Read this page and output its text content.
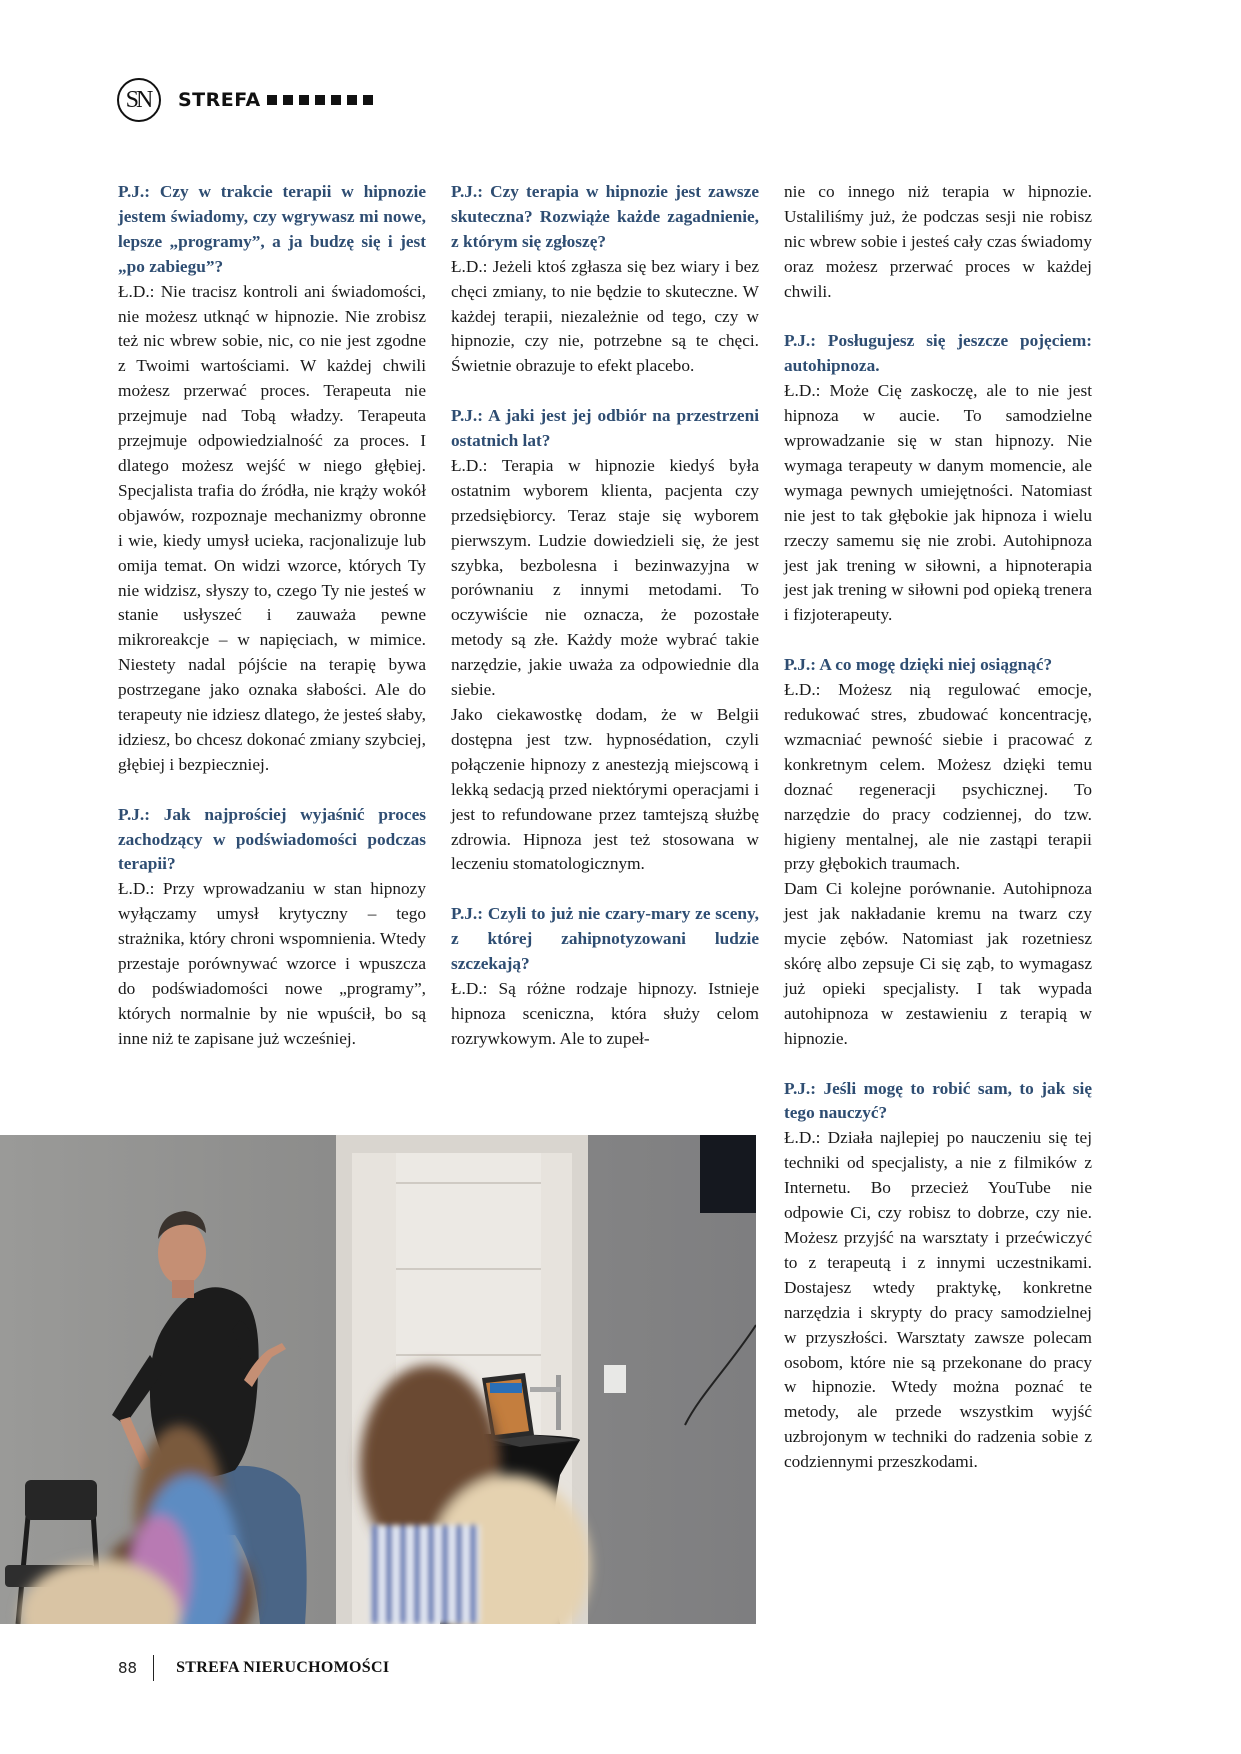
SN STREFA

P.J.: Czy w trakcie terapii w hipnozie jestem świadomy, czy wgrywasz mi nowe, lepsze „programy”, a ja budzę się i jest „po zabiegu”?

Ł.D.: Nie tracisz kontroli ani świadomości, nie możesz utknąć w hipnozie. Nie zrobisz też nic wbrew sobie, nic, co nie jest zgodne z Twoimi wartościami. W każdej chwili możesz przerwać proces. Terapeuta nie przejmuje nad Tobą władzy. Terapeuta przejmuje odpowiedzialność za proces. I dlatego możesz wejść w niego głębiej. Specjalista trafia do źródła, nie krąży wokół objawów, rozpoznaje mechanizmy obronne i wie, kiedy umysł ucieka, racjonalizuje lub omija temat. On widzi wzorce, których Ty nie widzisz, słyszy to, czego Ty nie jesteś w stanie usłyszeć i zauważa pewne mikroreakcje – w napięciach, w mimice. Niestety nadal pójście na terapię bywa postrzegane jako oznaka słabości. Ale do terapeuty nie idziesz dlatego, że jesteś słaby, idziesz, bo chcesz dokonać zmiany szybciej, głębiej i bezpieczniej.

P.J.: Jak najprościej wyjaśnić proces zachodzący w podświadomości podczas terapii?

Ł.D.: Przy wprowadzaniu w stan hipnozy wyłączamy umysł krytyczny – tego strażnika, który chroni wspomnienia. Wtedy przestaje porównywać wzorce i wpuszcza do podświadomości nowe „programy”, których normalnie by nie wpuścił, bo są inne niż te zapisane już wcześniej.

P.J.: Czy terapia w hipnozie jest zawsze skuteczna? Rozwiąże każde zagadnienie, z którym się zgłoszę?

Ł.D.: Jeżeli ktoś zgłasza się bez wiary i bez chęci zmiany, to nie będzie to skuteczne. W każdej terapii, niezależnie od tego, czy w hipnozie, czy nie, potrzebne są te chęci. Świetnie obrazuje to efekt placebo.

P.J.: A jaki jest jej odbiór na przestrzeni ostatnich lat?

Ł.D.: Terapia w hipnozie kiedyś była ostatnim wyborem klienta, pacjenta czy przedsiębiorcy. Teraz staje się wyborem pierwszym. Ludzie dowiedzieli się, że jest szybka, bezbolesna i bezinwazyjna w porównaniu z innymi metodami. To oczywiście nie oznacza, że pozostałe metody są złe. Każdy może wybrać takie narzędzie, jakie uważa za odpowiednie dla siebie.

Jako ciekawostkę dodam, że w Belgii dostępna jest tzw. hypnosédation, czyli połączenie hipnozy z anestezją miejscową i lekką sedacją przed niektórymi operacjami i jest to refundowane przez tamtejszą służbę zdrowia. Hipnoza jest też stosowana w leczeniu stomatologicznym.

P.J.: Czyli to już nie czary-mary ze sceny, z której zahipnotyzowani ludzie szczekają?

Ł.D.: Są różne rodzaje hipnozy. Istnieje hipnoza sceniczna, która służy celom rozrywkowym. Ale to zupeł-

nie co innego niż terapia w hipnozie. Ustaliliśmy już, że podczas sesji nie robisz nic wbrew sobie i jesteś cały czas świadomy oraz możesz przerwać proces w każdej chwili.

P.J.: Posługujesz się jeszcze pojęciem: autohipnoza.

Ł.D.: Może Cię zaskoczę, ale to nie jest hipnoza w aucie. To samodzielne wprowadzanie się w stan hipnozy. Nie wymaga terapeuty w danym momencie, ale wymaga pewnych umiejętności. Natomiast nie jest to tak głębokie jak hipnoza i wielu rzeczy samemu się nie zrobi. Autohipnoza jest jak trening w siłowni, a hipnoterapia jest jak trening w siłowni pod opieką trenera i fizjoterapeuty.

P.J.: A co mogę dzięki niej osiągnąć?

Ł.D.: Możesz nią regulować emocje, redukować stres, zbudować koncentrację, wzmacniać pewność siebie i pracować z konkretnym celem. Możesz dzięki temu doznać regeneracji psychicznej. To narzędzie do pracy codziennej, do tzw. higieny mentalnej, ale nie zastąpi terapii przy głębokich traumach.

Dam Ci kolejne porównanie. Autohipnoza jest jak nakładanie kremu na twarz czy mycie zębów. Natomiast jak rozetniesz skórę albo zepsuje Ci się ząb, to wymagasz już opieki specjalisty. I tak wypada autohipnoza w zestawieniu z terapią w hipnozie.

P.J.: Jeśli mogę to robić sam, to jak się tego nauczyć?

Ł.D.: Działa najlepiej po nauczeniu się tej techniki od specjalisty, a nie z filmików z Internetu. Bo przecież YouTube nie odpowie Ci, czy robisz to dobrze, czy nie. Możesz przyjść na warsztaty i przećwiczyć to z terapeutą i z innymi uczestnikami. Dostajesz wtedy praktykę, konkretne narzędzia i skrypty do pracy samodzielnej w przyszłości. Warsztaty zawsze polecam osobom, które nie są przekonane do pracy w hipnozie. Wtedy można poznać te metody, ale przede wszystkim wyjść uzbrojonym w techniki do radzenia sobie z codziennymi przeszkodami.

88 STREFA NIERUCHOMOŚCI
